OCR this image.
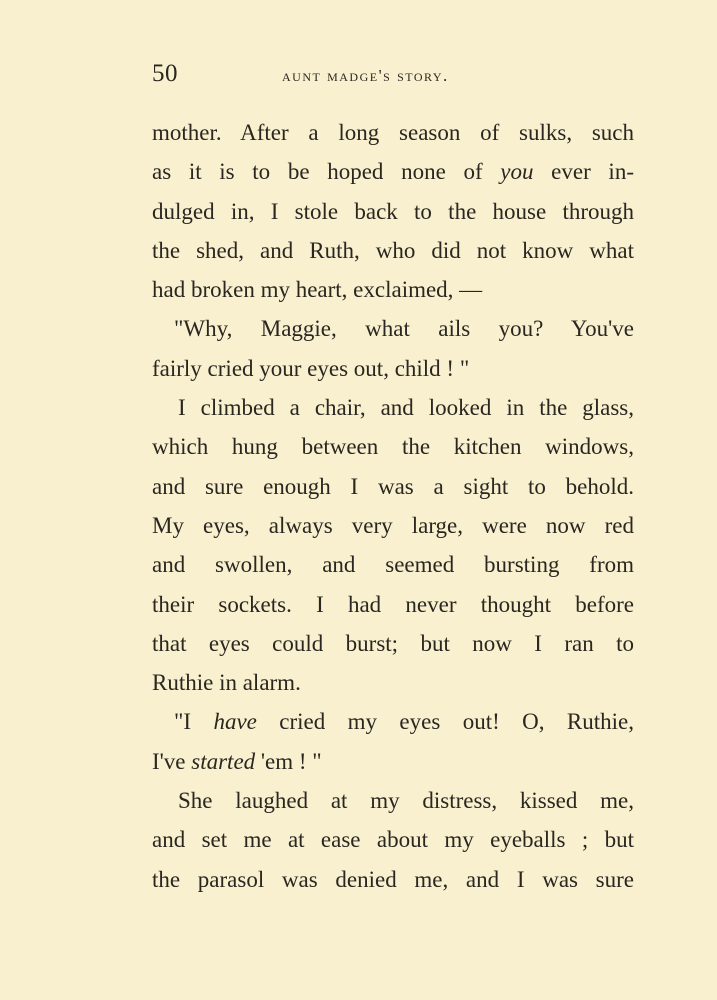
50	aunt madge's story.
mother. After a long season of sulks, such
as it is to be hoped none of you ever in-
dulged in, I stole back to the house through
the shed, and Ruth, who did not know what
had broken my heart, exclaimed, —
"Why, Maggie, what ails you? You've
fairly cried your eyes out, child ! "
I climbed a chair, and looked in the glass,
which hung between the kitchen windows,
and sure enough I was a sight to behold.
My eyes, always very large, were now red
and swollen, and seemed bursting from
their sockets. I had never thought before
that eyes could burst; but now I ran to
Ruthie in alarm.
"I have cried my eyes out! O, Ruthie,
I've started 'em ! "
She laughed at my distress, kissed me,
and set me at ease about my eyeballs ; but
the parasol was denied me, and I was sure
